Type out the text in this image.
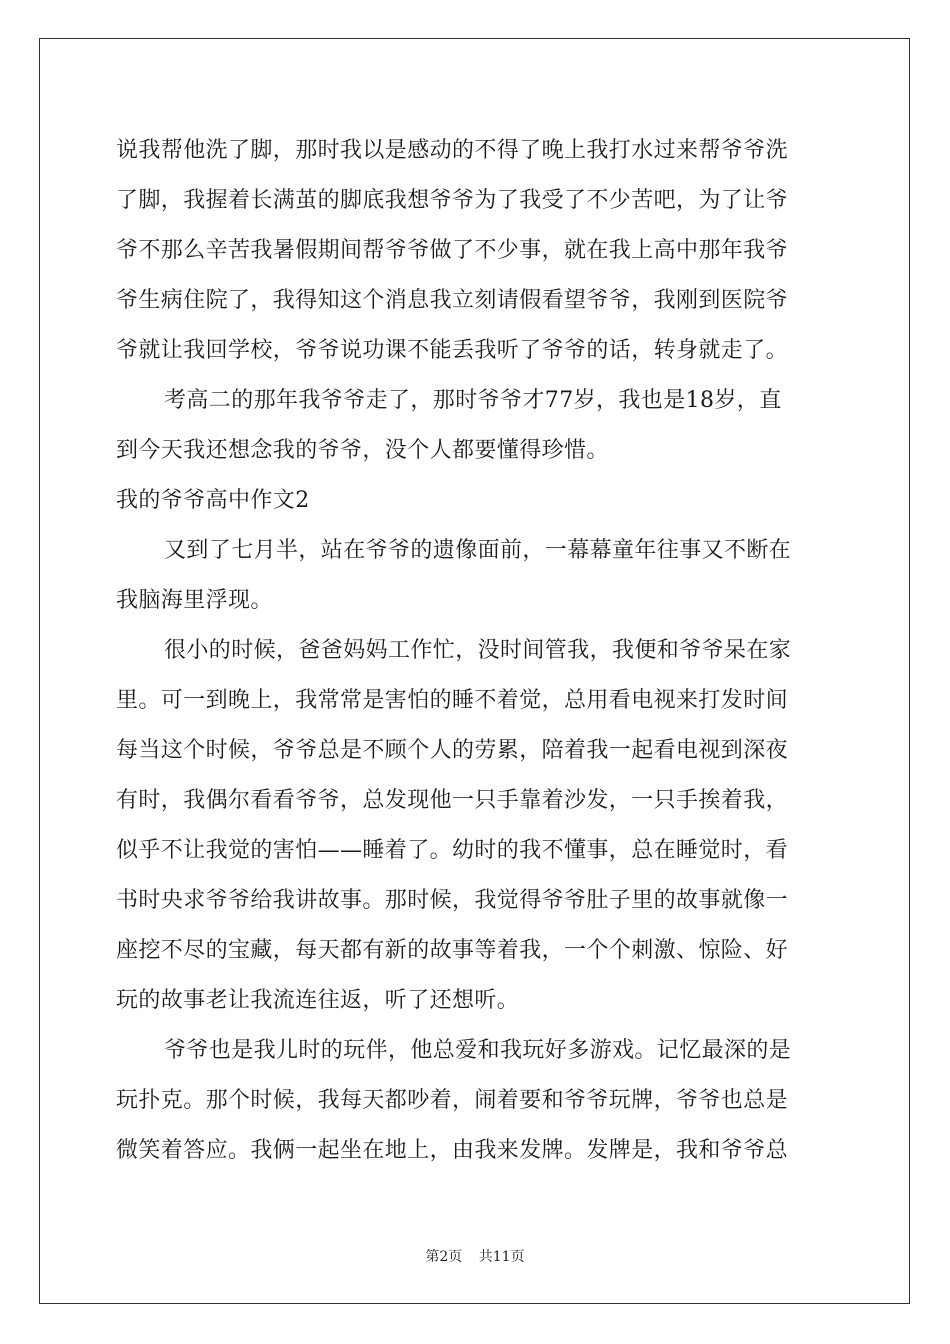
说我帮他洗了脚，那时我以是感动的不得了晚上我打水过来帮爷爷洗
了脚，我握着长满茧的脚底我想爷爷为了我受了不少苦吧，为了让爷
爷不那么辛苦我暑假期间帮爷爷做了不少事，就在我上高中那年我爷
爷生病住院了，我得知这个消息我立刻请假看望爷爷，我刚到医院爷
爷就让我回学校，爷爷说功课不能丢我听了爷爷的话，转身就走了。
考高二的那年我爷爷走了，那时爷爷才77岁，我也是18岁，直
到今天我还想念我的爷爷，没个人都要懂得珍惜。
我的爷爷高中作文2
又到了七月半，站在爷爷的遗像面前，一幕幕童年往事又不断在
我脑海里浮现。
很小的时候，爸爸妈妈工作忙，没时间管我，我便和爷爷呆在家
里。可一到晚上，我常常是害怕的睡不着觉，总用看电视来打发时间
每当这个时候，爷爷总是不顾个人的劳累，陪着我一起看电视到深夜
有时，我偶尔看看爷爷，总发现他一只手靠着沙发，一只手挨着我，
似乎不让我觉的害怕——睡着了。幼时的我不懂事，总在睡觉时，看
书时央求爷爷给我讲故事。那时候，我觉得爷爷肚子里的故事就像一
座挖不尽的宝藏，每天都有新的故事等着我，一个个刺激、惊险、好
玩的故事老让我流连往返，听了还想听。
爷爷也是我儿时的玩伴，他总爱和我玩好多游戏。记忆最深的是
玩扑克。那个时候，我每天都吵着，闹着要和爷爷玩牌，爷爷也总是
微笑着答应。我俩一起坐在地上，由我来发牌。发牌是，我和爷爷总
第2页 共11页
